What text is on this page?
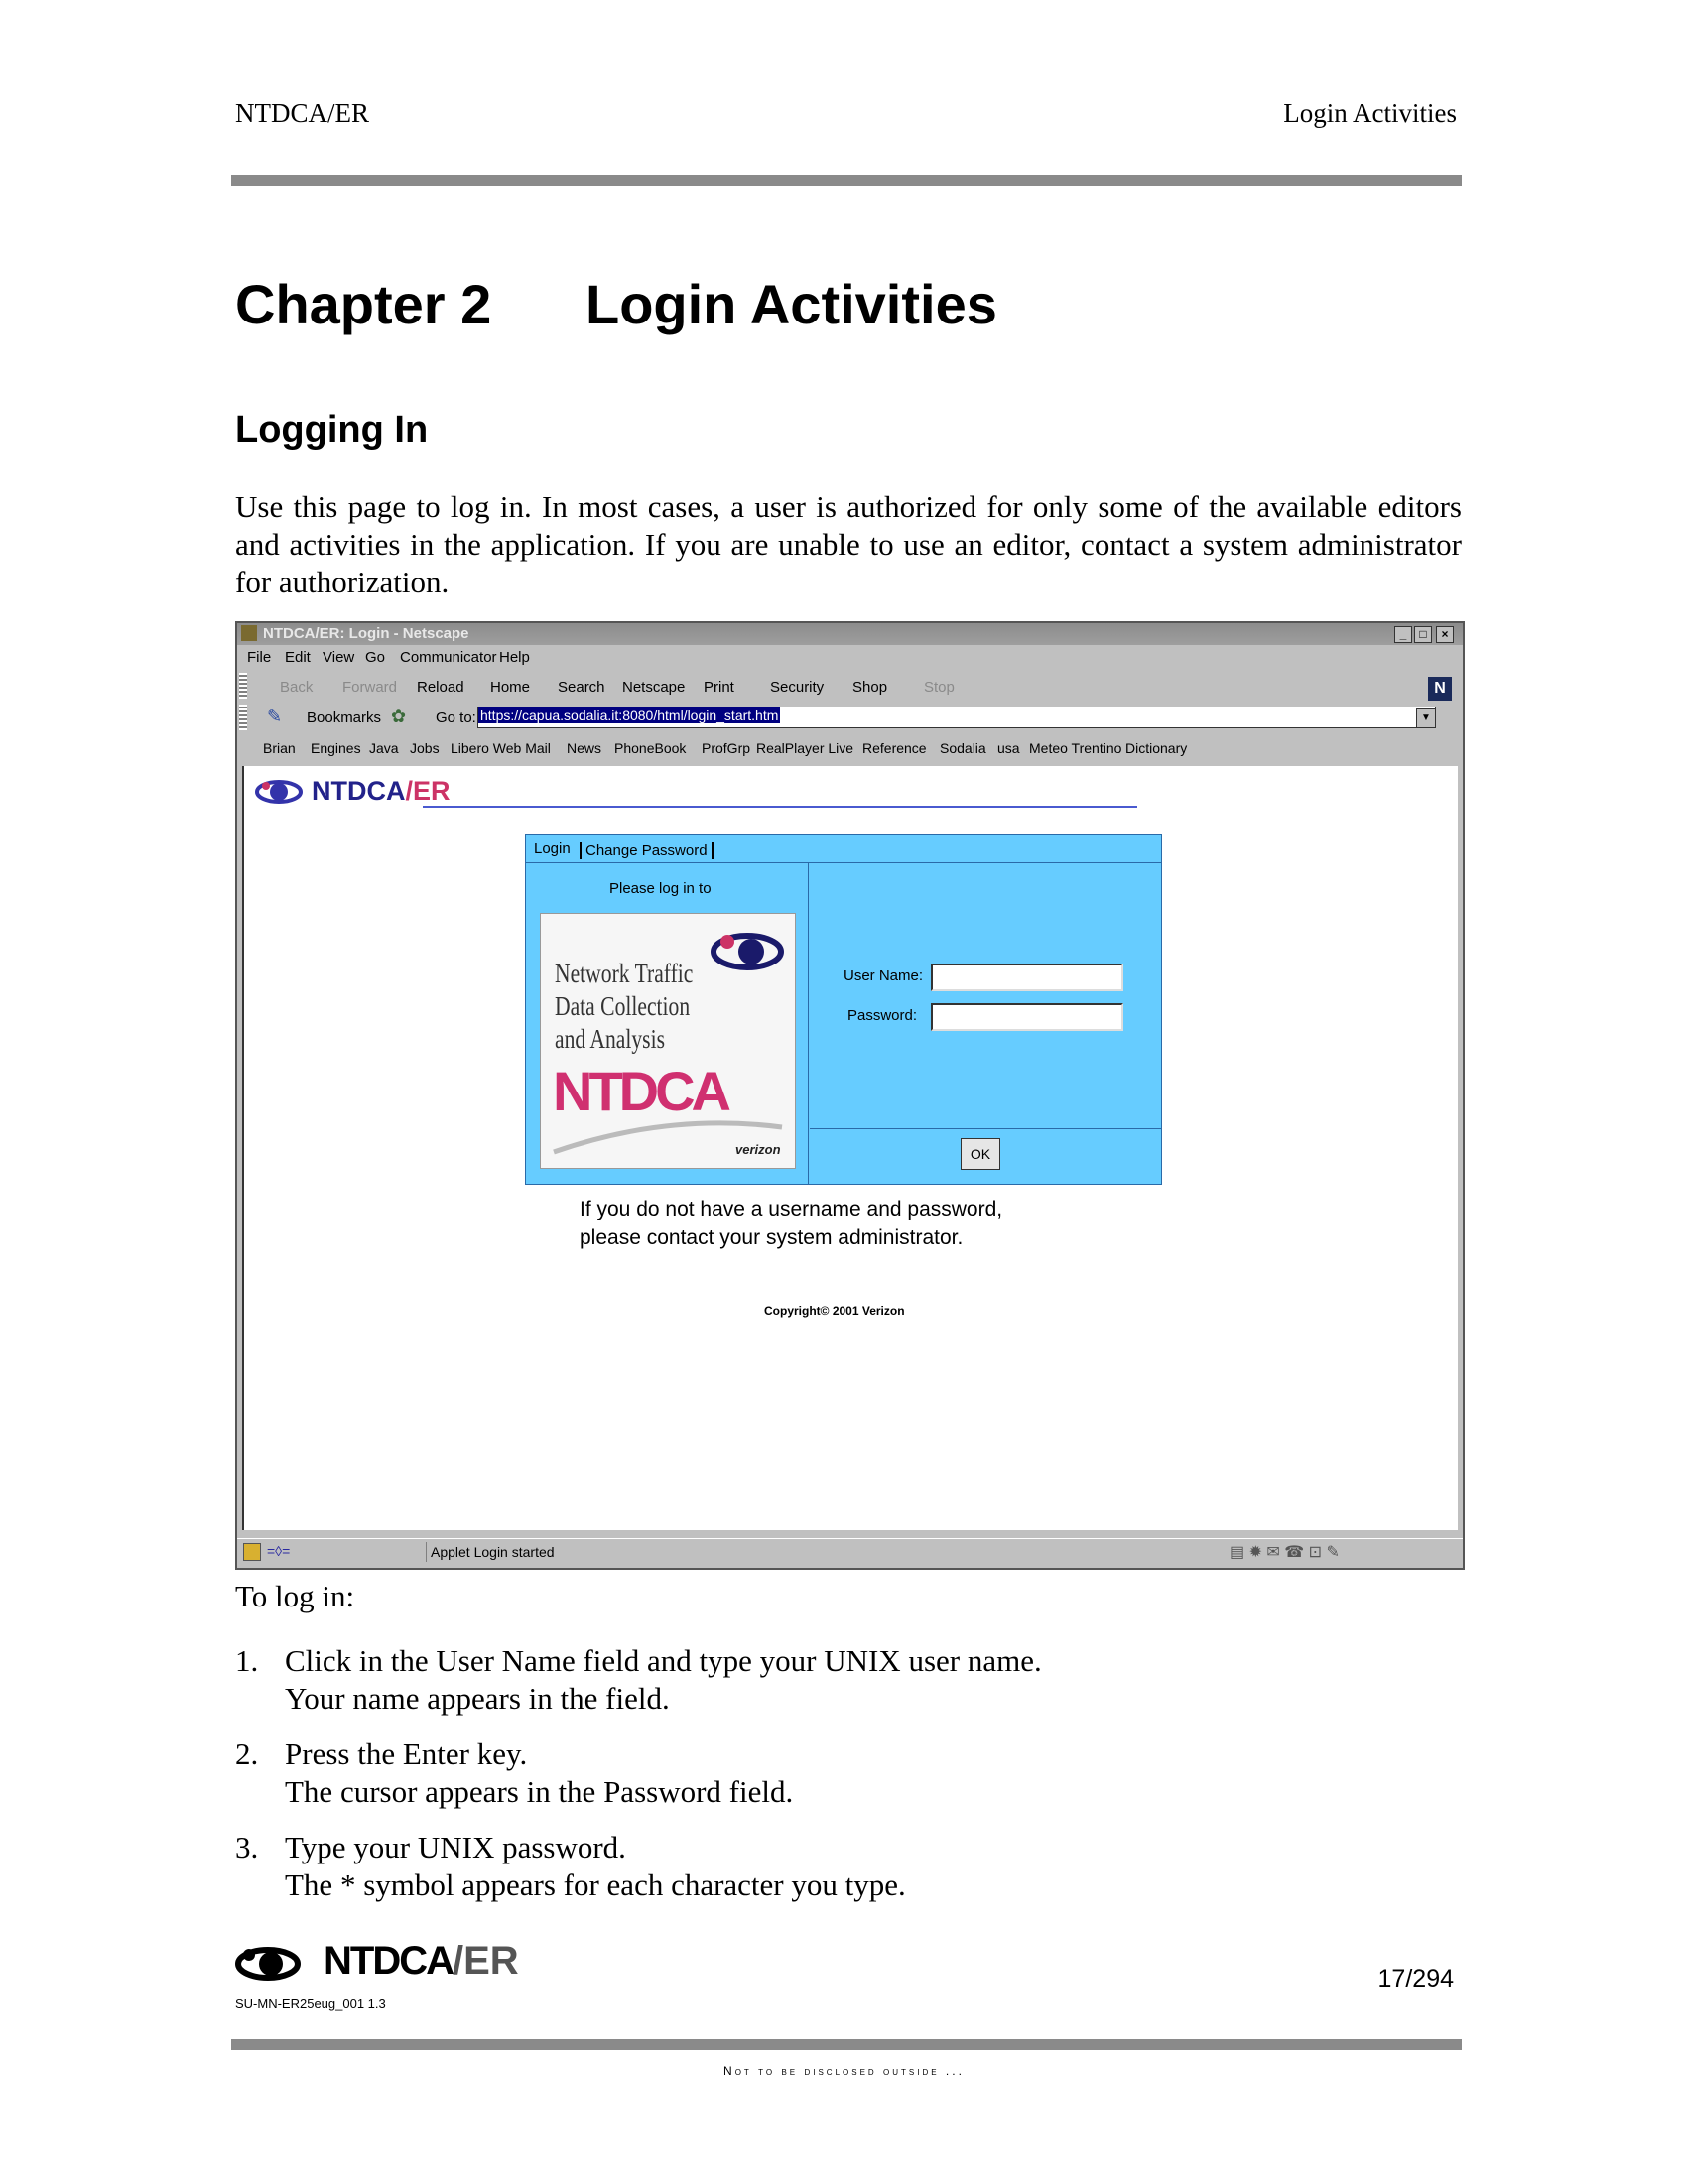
NTDCA/ER	Login Activities
Chapter 2 Login Activities
Logging In
Use this page to log in. In most cases, a user is authorized for only some of the available editors and activities in the application. If you are unable to use an editor, contact a system administrator for authorization.
NTDCA/ER: Login - Netscape	_	□	×
File Edit View Go Communicator Help
Back Forward Reload Home Search Netscape Print Security Shop Stop	N
✎	Bookmarks ✿ Go to: https://capua.sodalia.it:8080/html/login_start.htm	▼
Brian Engines Java Jobs Libero Web Mail News PhoneBook ProfGrp RealPlayer Live Reference Sodalia usa Meteo Trentino Dictionary
NTDCA/ER
Login	Change Password
Please log in to
Network Traffic
Data Collection
and Analysis
NTDCA
verizon
User Name:
Password:
OK
If you do not have a username and password,
please contact your system administrator.
Copyright© 2001 Verizon
=◊=	Applet Login started	▤ ✹ ✉ ☎ ⊡ ✎
To log in:
1. Click in the User Name field and type your UNIX user name.
Your name appears in the field.
2. Press the Enter key.
The cursor appears in the Password field.
3. Type your UNIX password.
The * symbol appears for each character you type.
NTDCA/ER
SU-MN-ER25eug_001 1.3
17/294
Not to be disclosed outside ...
